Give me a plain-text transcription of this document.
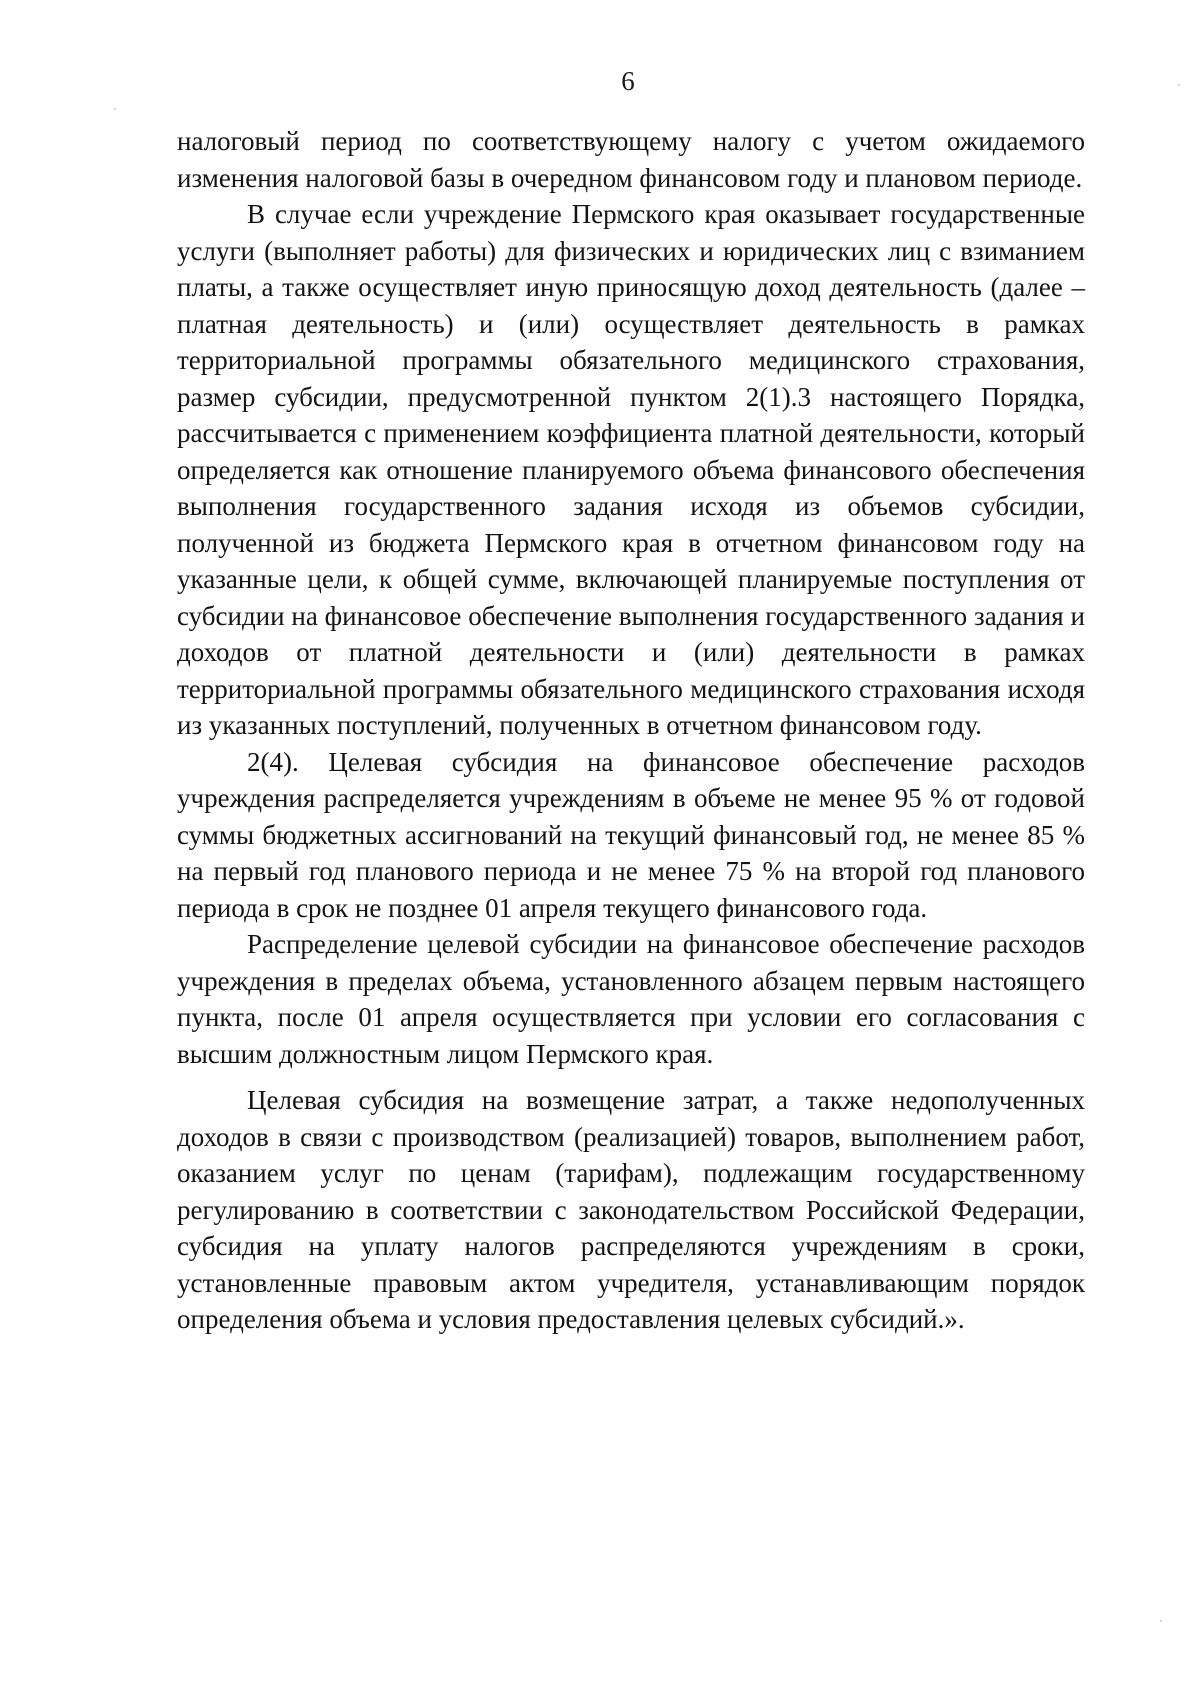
6

налоговый период по соответствующему налогу с учетом ожидаемого изменения налоговой базы в очередном финансовом году и плановом периоде.

В случае если учреждение Пермского края оказывает государственные услуги (выполняет работы) для физических и юридических лиц с взиманием платы, а также осуществляет иную приносящую доход деятельность (далее – платная деятельность) и (или) осуществляет деятельность в рамках территориальной программы обязательного медицинского страхования, размер субсидии, предусмотренной пунктом 2(1).3 настоящего Порядка, рассчитывается с применением коэффициента платной деятельности, который определяется как отношение планируемого объема финансового обеспечения выполнения государственного задания исходя из объемов субсидии, полученной из бюджета Пермского края в отчетном финансовом году на указанные цели, к общей сумме, включающей планируемые поступления от субсидии на финансовое обеспечение выполнения государственного задания и доходов от платной деятельности и (или) деятельности в рамках территориальной программы обязательного медицинского страхования исходя из указанных поступлений, полученных в отчетном финансовом году.

2(4). Целевая субсидия на финансовое обеспечение расходов учреждения распределяется учреждениям в объеме не менее 95 % от годовой суммы бюджетных ассигнований на текущий финансовый год, не менее 85 % на первый год планового периода и не менее 75 % на второй год планового периода в срок не позднее 01 апреля текущего финансового года.

Распределение целевой субсидии на финансовое обеспечение расходов учреждения в пределах объема, установленного абзацем первым настоящего пункта, после 01 апреля осуществляется при условии его согласования с высшим должностным лицом Пермского края.

Целевая субсидия на возмещение затрат, а также недополученных доходов в связи с производством (реализацией) товаров, выполнением работ, оказанием услуг по ценам (тарифам), подлежащим государственному регулированию в соответствии с законодательством Российской Федерации, субсидия на уплату налогов распределяются учреждениям в сроки, установленные правовым актом учредителя, устанавливающим порядок определения объема и условия предоставления целевых субсидий.».
